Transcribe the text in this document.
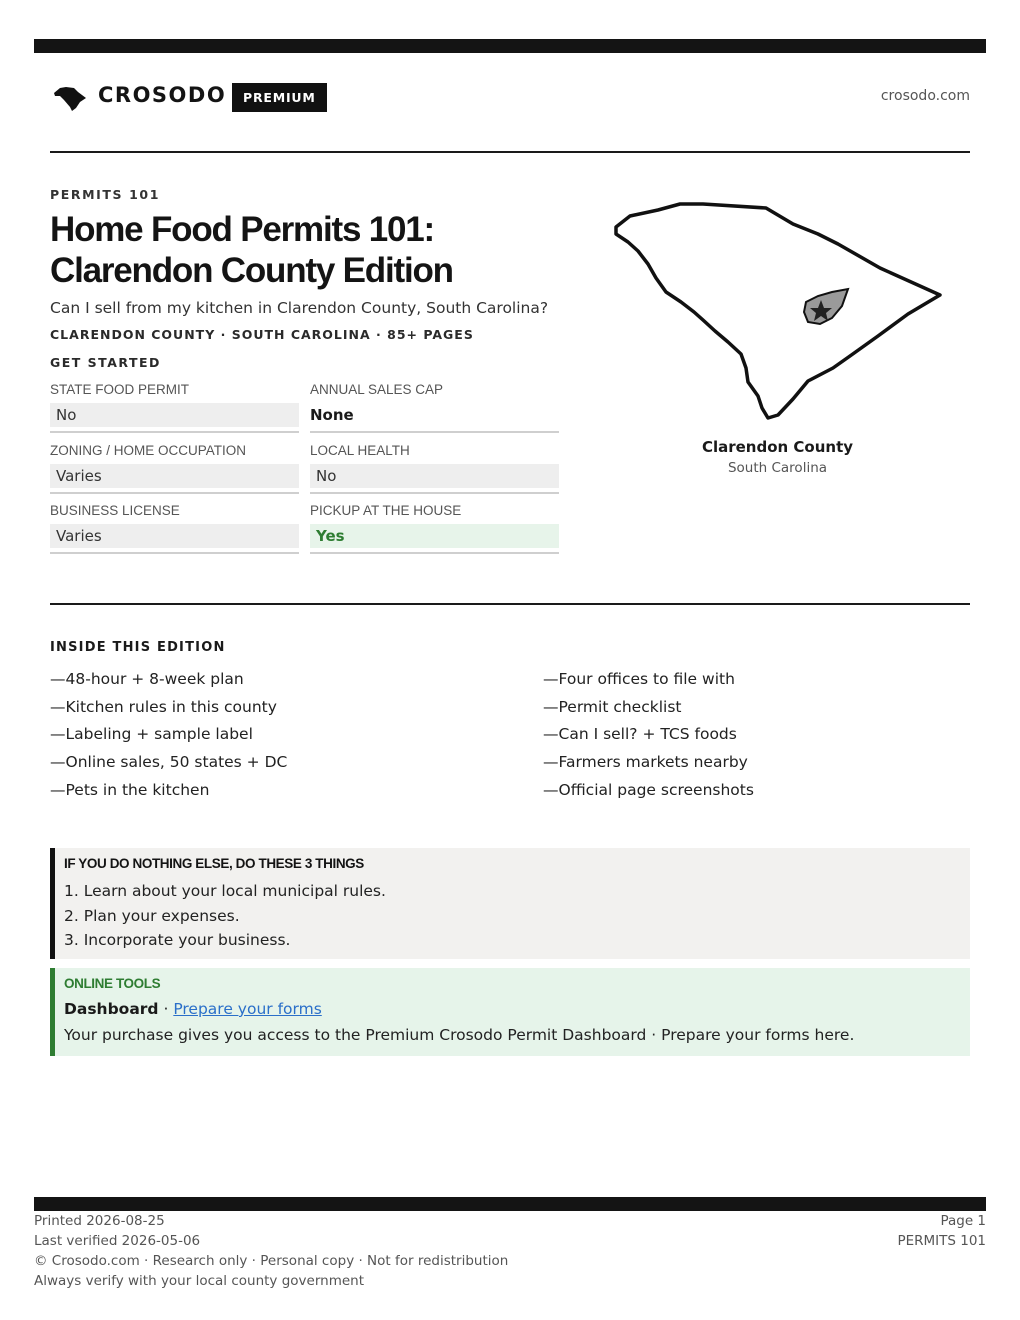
CROSODO	PREMIUM	crosodo.com
PERMITS 101
Home Food Permits 101:
Clarendon County Edition
Can I sell from my kitchen in Clarendon County, South Carolina?
CLARENDON COUNTY · SOUTH CAROLINA · 85+ PAGES
GET STARTED
STATE FOOD PERMIT
No
ANNUAL SALES CAP
None
ZONING / HOME OCCUPATION
Varies
LOCAL HEALTH
No
BUSINESS LICENSE
Varies
PICKUP AT THE HOUSE
Yes
Clarendon County
South Carolina
INSIDE THIS EDITION
—48-hour + 8-week plan
—Kitchen rules in this county
—Labeling + sample label
—Online sales, 50 states + DC
—Pets in the kitchen
—Four offices to file with
—Permit checklist
—Can I sell? + TCS foods
—Farmers markets nearby
—Official page screenshots
IF YOU DO NOTHING ELSE, DO THESE 3 THINGS
1. Learn about your local municipal rules.
2. Plan your expenses.
3. Incorporate your business.
ONLINE TOOLS
Dashboard · Prepare your forms
Your purchase gives you access to the Premium Crosodo Permit Dashboard · Prepare your forms here.
Printed 2026-08-25
Last verified 2026-05-06
© Crosodo.com · Research only · Personal copy · Not for redistribution
Always verify with your local county government
Page 1
PERMITS 101
